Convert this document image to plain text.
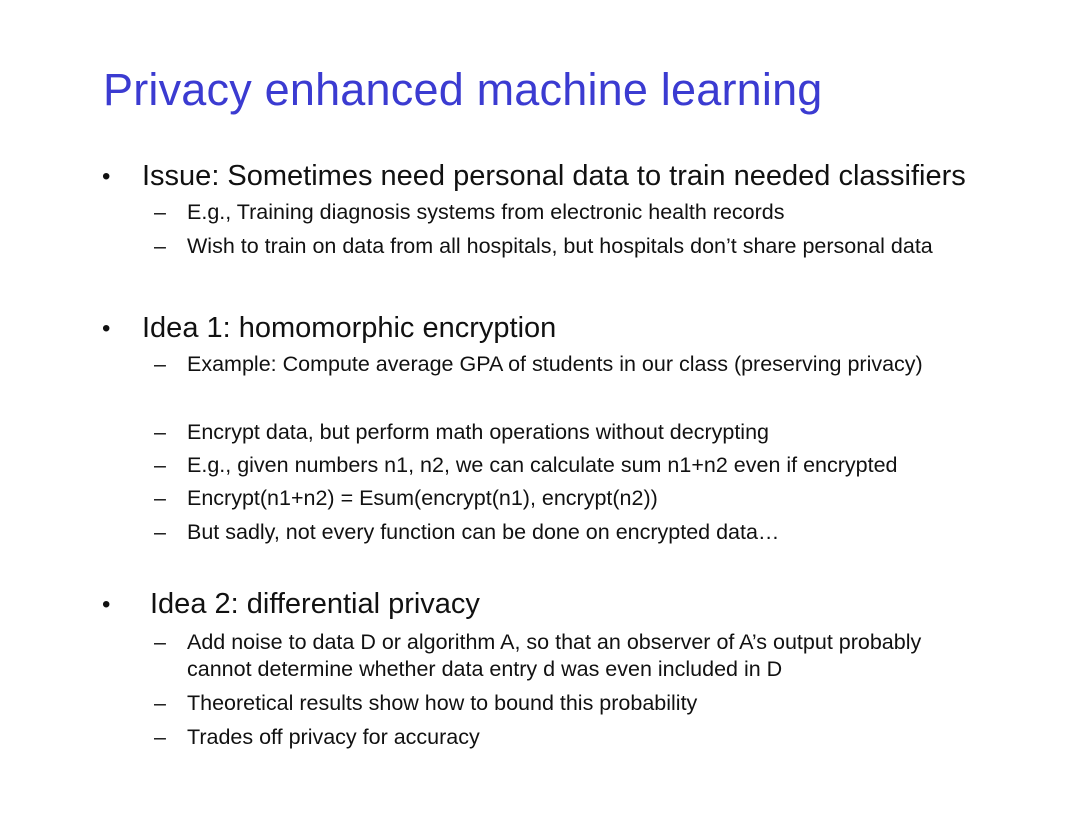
Privacy enhanced machine learning
• Issue: Sometimes need personal data to train needed classifiers
– E.g., Training diagnosis systems from electronic health records
– Wish to train on data from all hospitals, but hospitals don’t share personal data
• Idea 1: homomorphic encryption
– Example: Compute average GPA of students in our class (preserving privacy)
– Encrypt data, but perform math operations without decrypting
– E.g., given numbers n1, n2, we can calculate sum n1+n2 even if encrypted
– Encrypt(n1+n2) = Esum(encrypt(n1), encrypt(n2))
– But sadly, not every function can be done on encrypted data…
• Idea 2: differential privacy
– Add noise to data D or algorithm A, so that an observer of A’s output probably
cannot determine whether data entry d was even included in D
– Theoretical results show how to bound this probability
– Trades off privacy for accuracy
